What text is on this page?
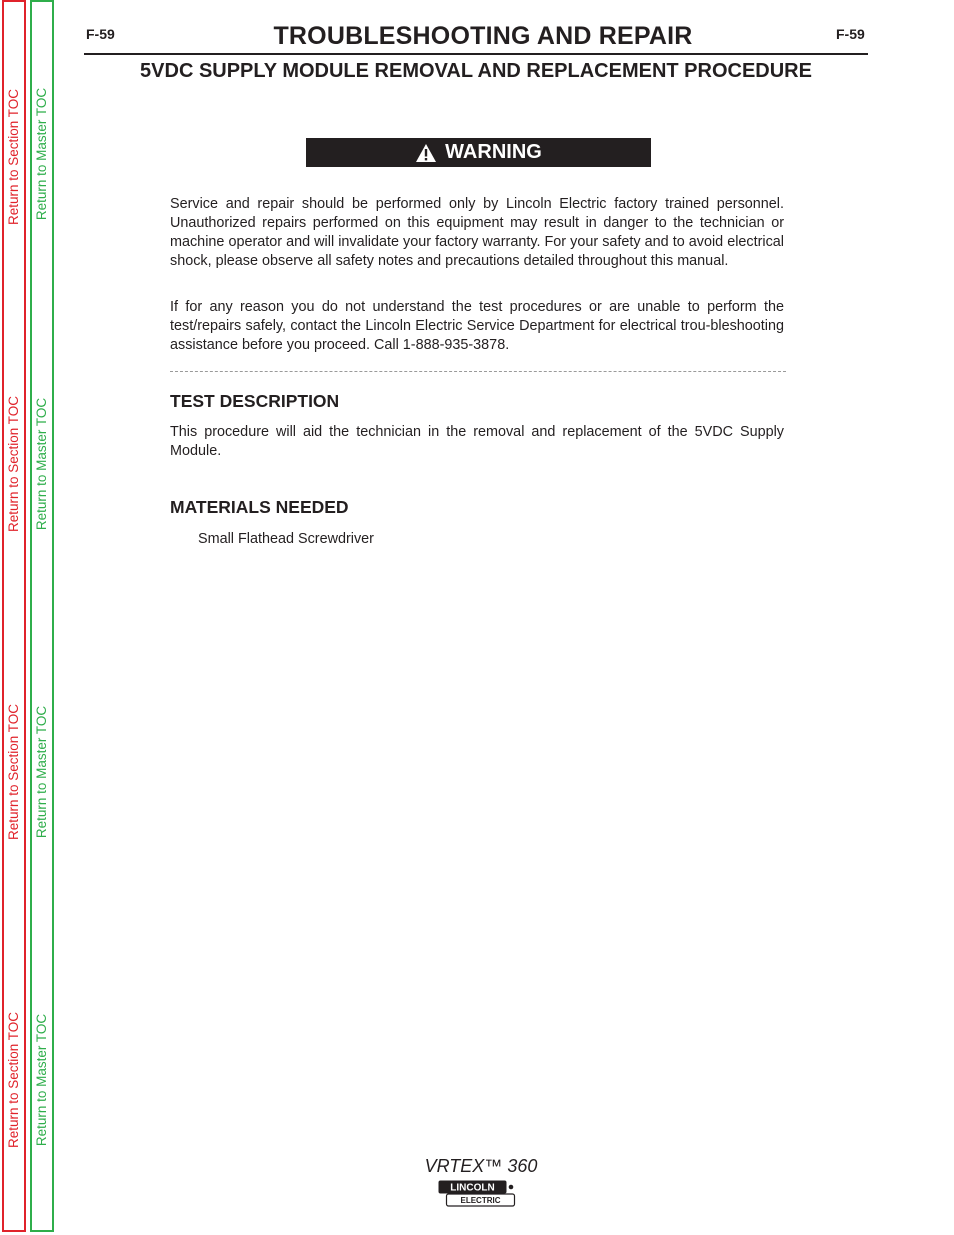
Return to Section TOC
Return to Section TOC
Return to Section TOC
Return to Section TOC
Return to Master TOC
Return to Master TOC
Return to Master TOC
Return to Master TOC
F-59	F-59
TROUBLESHOOTING AND REPAIR
5VDC SUPPLY MODULE REMOVAL AND REPLACEMENT PROCEDURE
WARNING

Service and repair should be performed only by Lincoln Electric factory trained personnel. Unauthorized repairs performed on this equipment may result in danger to the technician or machine operator and will invalidate your factory warranty. For your safety and to avoid electrical shock, please observe all safety notes and precautions detailed throughout this manual.

If for any reason you do not understand the test procedures or are unable to perform the test/repairs safely, contact the Lincoln Electric Service Department for electrical trou-bleshooting assistance before you proceed. Call 1-888-935-3878.

TEST DESCRIPTION

This procedure will aid the technician in the removal and replacement of the 5VDC Supply Module.

MATERIALS NEEDED
Small Flathead Screwdriver
VRTEX™ 360
LINCOLN
ELECTRIC
